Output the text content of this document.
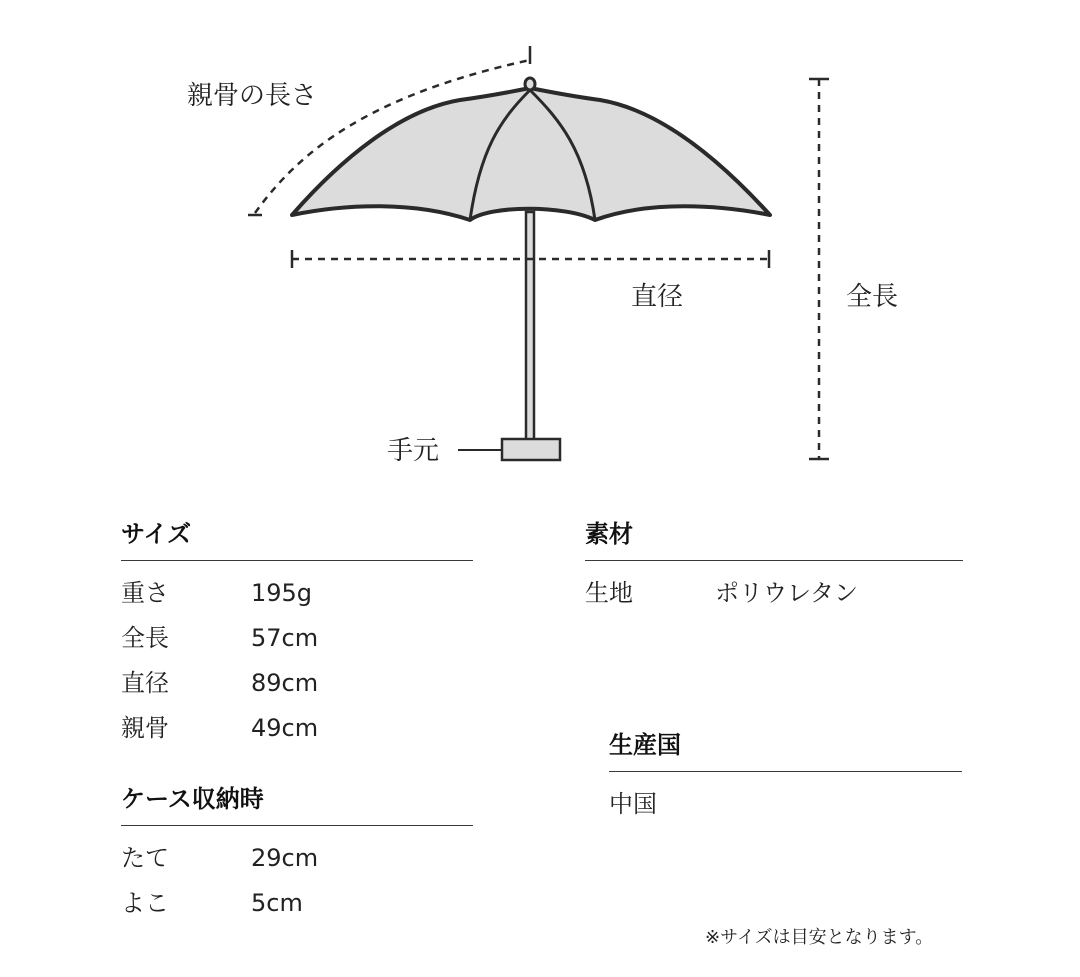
親骨の長さ
直径	全長
手元
サイズ
重さ	195g
全長	57cm
直径	89cm
親骨	49cm
ケース収納時
たて	29cm
よこ	5cm
素材
生地	ポリウレタン
生産国
中国
※サイズは目安となります。
